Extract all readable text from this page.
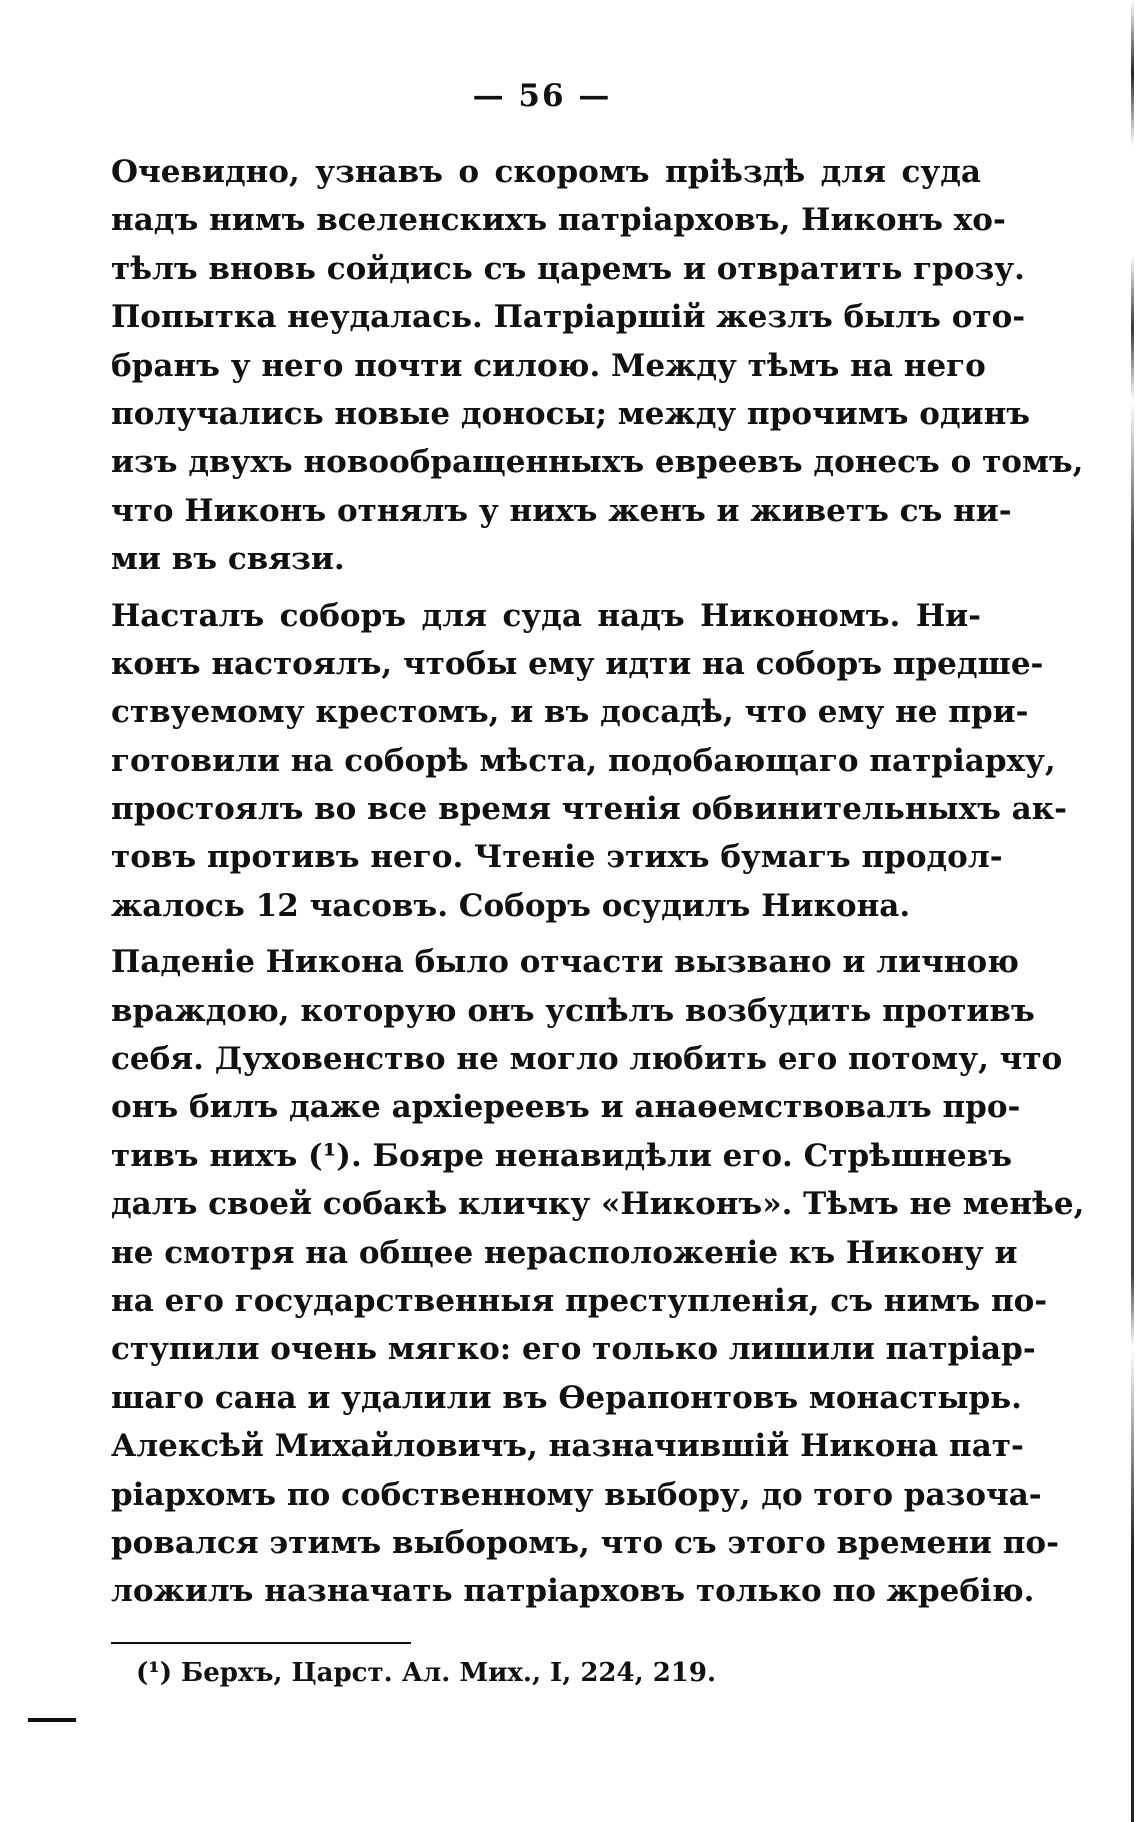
— 56 —
Очевидно, узнавъ о скоромъ пріѣздѣ для суда
надъ нимъ вселенскихъ патріарховъ, Никонъ хо-
тѣлъ вновь сойдись съ царемъ и отвратить грозу.
Попытка неудалась. Патріаршій жезлъ былъ ото-
бранъ у него почти силою. Между тѣмъ на него
получались новые доносы; между прочимъ одинъ
изъ двухъ новообращенныхъ евреевъ донесъ о томъ,
что Никонъ отнялъ у нихъ женъ и живетъ съ ни-
ми въ связи.
Насталъ соборъ для суда надъ Никономъ. Ни-
конъ настоялъ, чтобы ему идти на соборъ предше-
ствуемому крестомъ, и въ досадѣ, что ему не при-
готовили на соборѣ мѣста, подобающаго патріарху,
простоялъ во все время чтенія обвинительныхъ ак-
товъ противъ него. Чтеніе этихъ бумагъ продол-
жалось 12 часовъ. Соборъ осудилъ Никона.
Паденіе Никона было отчасти вызвано и личною
враждою, которую онъ успѣлъ возбудить противъ
себя. Духовенство не могло любить его потому, что
онъ билъ даже архіереевъ и анаѳемствовалъ про-
тивъ нихъ (¹). Бояре ненавидѣли его. Стрѣшневъ
далъ своей собакѣ кличку «Никонъ». Тѣмъ не менѣе,
не смотря на общее нерасположеніе къ Никону и
на его государственныя преступленія, съ нимъ по-
ступили очень мягко: его только лишили патріар-
шаго сана и удалили въ Ѳерапонтовъ монастырь.
Алексѣй Михайловичъ, назначившій Никона пат-
ріархомъ по собственному выбору, до того разоча-
ровался этимъ выборомъ, что съ этого времени по-
ложилъ назначать патріарховъ только по жребію.
(¹) Берхъ, Царст. Ал. Мих., I, 224, 219.
